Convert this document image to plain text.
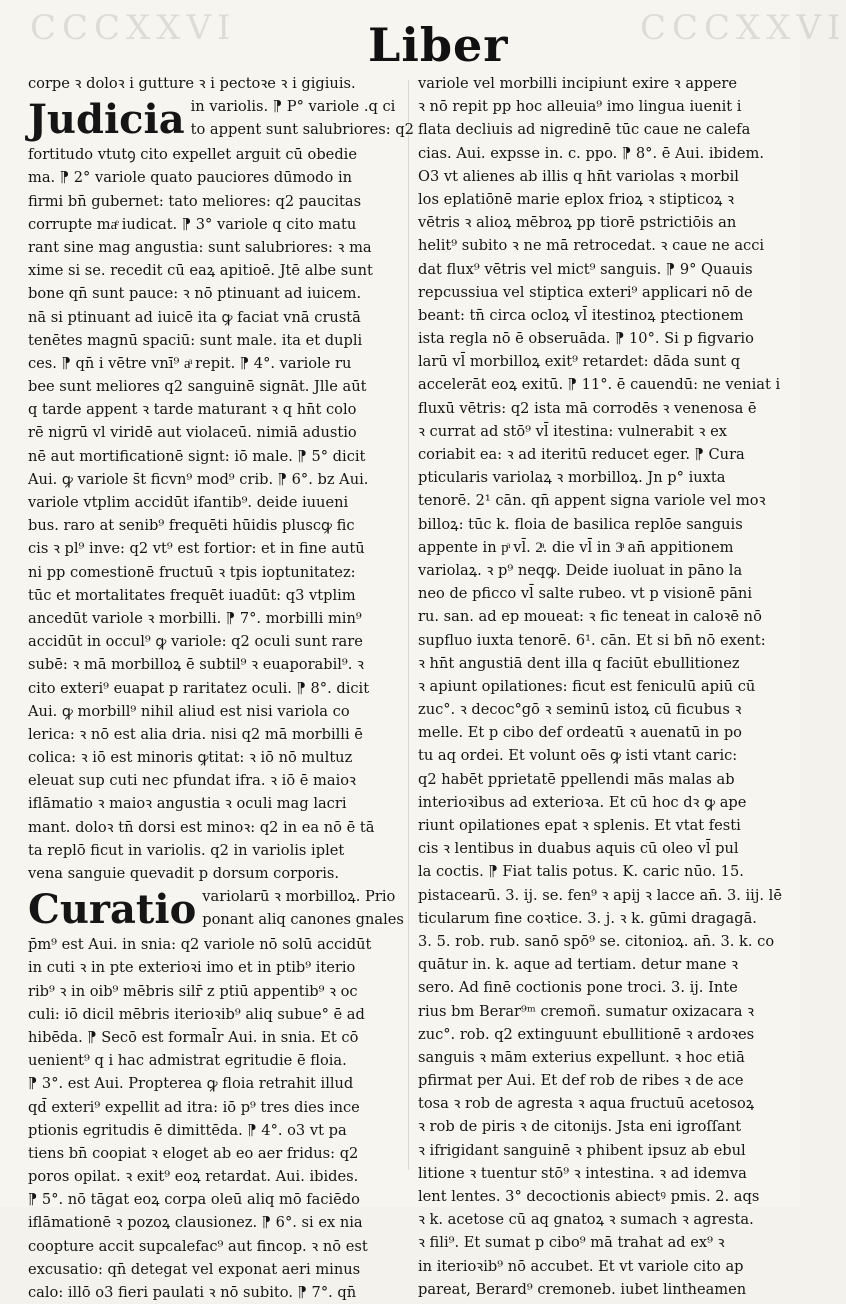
CCCXXVI	CCCXXVI
Liber
corpe ꝛ doloꝛ i gutture ꝛ i pectoꝛe ꝛ i gigiuis.
Judicia in variolis. ⁋ P° variole .q ci
to appent sunt salubriores: q2
fortitudo vtutꝯ cito expellet arguit cū obedie
ma. ⁋ 2° variole quato pauciores dūmodo in
firmi bn̄ gubernet: tato meliores: q2 paucitas
corrupte maͤ iudicat. ⁋ 3° variole q cito matu
rant sine mag angustia: sunt salubriores: ꝛ ma
xime si se. recedit cū eaꝝ apitioē. Jtē albe sunt
bone qn̄ sunt pauce: ꝛ nō ptinuant ad iuicem.
nā si ptinuant ad iuicē ita ꝙ faciat vnā crustā
tenētes magnū spaciū: sunt male. ita et dupli
ces. ⁋ qn̄ i vētre vnī⁹ aͣ repit. ⁋ 4°. variole ru
bee sunt meliores q2 sanguinē signāt. Jlle aūt
q tarde appent ꝛ tarde maturant ꝛ q hn̄t colo
rē nigrū vl viridē aut violaceū. nimiā adustio
nē aut mortificationē signt: iō male. ⁋ 5° dicit
Aui. ꝙ variole s̄t ficvn⁹ mod⁹ crib. ⁋ 6°. bz Aui.
variole vtplim accidūt ifantib⁹. deide iuueni
bus. raro at senib⁹ frequēti hūidis pluscꝙ fic
cis ꝛ pl⁹ inve: q2 vt⁹ est fortior: et in fine autū
ni pp comestionē fructuū ꝛ tpis ioptunitatez:
tūc et mortalitates frequēt iuadūt: q3 vtplim
ancedūt variole ꝛ morbilli. ⁋ 7°. morbilli min⁹
accidūt in occul⁹ ꝙ variole: q2 oculi sunt rare
subē: ꝛ mā morbilloꝝ ē subtil⁹ ꝛ euaporabil⁹. ꝛ
cito exteri⁹ euapat p raritatez oculi. ⁋ 8°. dicit
Aui. ꝙ morbill⁹ nihil aliud est nisi variola co
lerica: ꝛ nō est alia dria. nisi q2 mā morbilli ē
colica: ꝛ iō est minoris ꝙtitat: ꝛ iō nō multuz
eleuat sup cuti nec pfundat ifra. ꝛ iō ē maioꝛ
iflāmatio ꝛ maioꝛ angustia ꝛ oculi mag lacri
mant. doloꝛ tn̄ dorsi est minoꝛ: q2 in ea nō ē tā
ta replō ficut in variolis. q2 in variolis iplet
vena sanguie quevadit p dorsum corporis.
Curatio variolarū ꝛ morbilloꝝ. Prio
ponant aliq canones gnales
p̄m⁹ est Aui. in snia: q2 variole nō solū accidūt
in cuti ꝛ in pte exterioꝛi imo et in ptib⁹ iterio
rib⁹ ꝛ in oib⁹ mēbris silr̄ z ptiū appentib⁹ ꝛ oc
culi: iō dicil mēbris iterioꝛib⁹ aliq subue° ē ad
hibēda. ⁋ Secō est formal̄r Aui. in snia. Et cō
uenient⁹ q i hac admistrat egritudie ē floia.
⁋ 3°. est Aui. Propterea ꝙ floia retrahit illud
qd̄ exteri⁹ expellit ad itra: iō p⁹ tres dies ince
ptionis egritudis ē dimittēda. ⁋ 4°. o3 vt pa
tiens bn̄ coopiat ꝛ eloget ab eo aer fridus: q2
poros opilat. ꝛ exit⁹ eoꝝ retardat. Aui. ibides.
⁋ 5°. nō tāgat eoꝝ corpa oleū aliq mō faciēdo
iflāmationē ꝛ pozoꝝ clausionez. ⁋ 6°. si ex nia
coopture accit supcalefac⁹ aut fincop. ꝛ nō est
excusatio: qn̄ detegat vel exponat aeri minus
calo: illō o3 fieri paulati ꝛ nō subito. ⁋ 7°. qn̄
variole vel morbilli incipiunt exire ꝛ appere
ꝛ nō repit pp hoc alleuia⁹ imo lingua iuenit i
flata decliuis ad nigredinē tūc caue ne calefa
cias. Aui. expsse in. c. ppo. ⁋ 8°. ē Aui. ibidem.
O3 vt alienes ab illis q hn̄t variolas ꝛ morbil
los eplatiōnē marie eplox frioꝝ ꝛ stipticoꝝ ꝛ
vētris ꝛ alioꝝ mēbroꝝ pp tiorē pstrictiōis an
helit⁹ subito ꝛ ne mā retrocedat. ꝛ caue ne acci
dat flux⁹ vētris vel mict⁹ sanguis. ⁋ 9° Quauis
repcussiua vel stiptica exteri⁹ applicari nō de
beant: tn̄ circa ocloꝝ vl̄ itestinoꝝ ptectionem
ista regla nō ē obseruāda. ⁋ 10°. Si p figvario
larū vl̄ morbilloꝝ exit⁹ retardet: dāda sunt q
accelerāt eoꝝ exitū. ⁋ 11°. ē cauendū: ne veniat i
fluxū vētris: q2 ista mā corrodēs ꝛ venenosa ē
ꝛ currat ad stō⁹ vl̄ itestina: vulnerabit ꝛ ex
coriabit ea: ꝛ ad iteritū reducet eger. ⁋ Cura
pticularis variolaꝝ ꝛ morbilloꝝ. Jn p° iuxta
tenorē. 2¹ cān. qn̄ appent signa variole vel moꝛ
billoꝝ: tūc k. floia de basilica replōe sanguis
appente in pͣ vl̄. 2ͣ. die vl̄ in 3ͣ an̄ appitionem
variolaꝝ. ꝛ p⁹ neqꝙ. Deide iuoluat in pāno la
neo de pficco vl̄ salte rubeo. vt p visionē pāni
ru. san. ad ep moueat: ꝛ fic teneat in caloꝛē nō
supfluo iuxta tenorē. 6¹. cān. Et si bn̄ nō exent:
ꝛ hn̄t angustiā dent illa q faciūt ebullitionez
ꝛ apiunt opilationes: ficut est feniculū apiū cū
zuc°. ꝛ decoc°gō ꝛ seminū istoꝝ cū ficubus ꝛ
melle. Et p cibo def ordeatū ꝛ auenatū in po
tu aq ordei. Et volunt oēs ꝙ isti vtant caric:
q2 habēt pprietatē ppellendi mās malas ab
interioꝛibus ad exterioꝛa. Et cū hoc dꝛ ꝙ ape
riunt opilationes epat ꝛ splenis. Et vtat festi
cis ꝛ lentibus in duabus aquis cū oleo vl̄ pul
la coctis. ⁋ Fiat talis potus. K. caric nūo. 15.
pistacearū. 3. ij. se. fen⁹ ꝛ apij ꝛ lacce an̄. 3. iij. lē
ticularum fine coꝛtice. 3. j. ꝛ k. gūmi dragagā.
3. 5. rob. rub. sanō spō⁹ se. citonioꝝ. an̄. 3. k. co
quātur in. k. aque ad tertiam. detur mane ꝛ
sero. Ad finē coctionis pone troci. 3. ij. Inte
rius bm Berar⁹ᵐ cremoñ. sumatur oxizacara ꝛ
zuc°. rob. q2 extinguunt ebullitionē ꝛ ardoꝛes
sanguis ꝛ mām exterius expellunt. ꝛ hoc etiā
pfirmat per Aui. Et def rob de ribes ꝛ de ace
tosa ꝛ rob de agresta ꝛ aqua fructuū acetosoꝝ
ꝛ rob de piris ꝛ de citonijs. Jsta eni igroſſant
ꝛ ifrigidant sanguinē ꝛ phibent ipsuz ab ebul
litione ꝛ tuentur stō⁹ ꝛ intestina. ꝛ ad idemva
lent lentes. 3° decoctionis abiectꝰ pmis. 2. aqs
ꝛ k. acetose cū aq gnatoꝝ ꝛ sumach ꝛ agresta.
ꝛ fili⁹. Et sumat p cibo⁹ mā trahat ad ex⁹ ꝛ
in iterioꝛib⁹ nō accubet. Et vt variole cito ap
pareat, Berard⁹ cremoneb. iubet lintheamen
